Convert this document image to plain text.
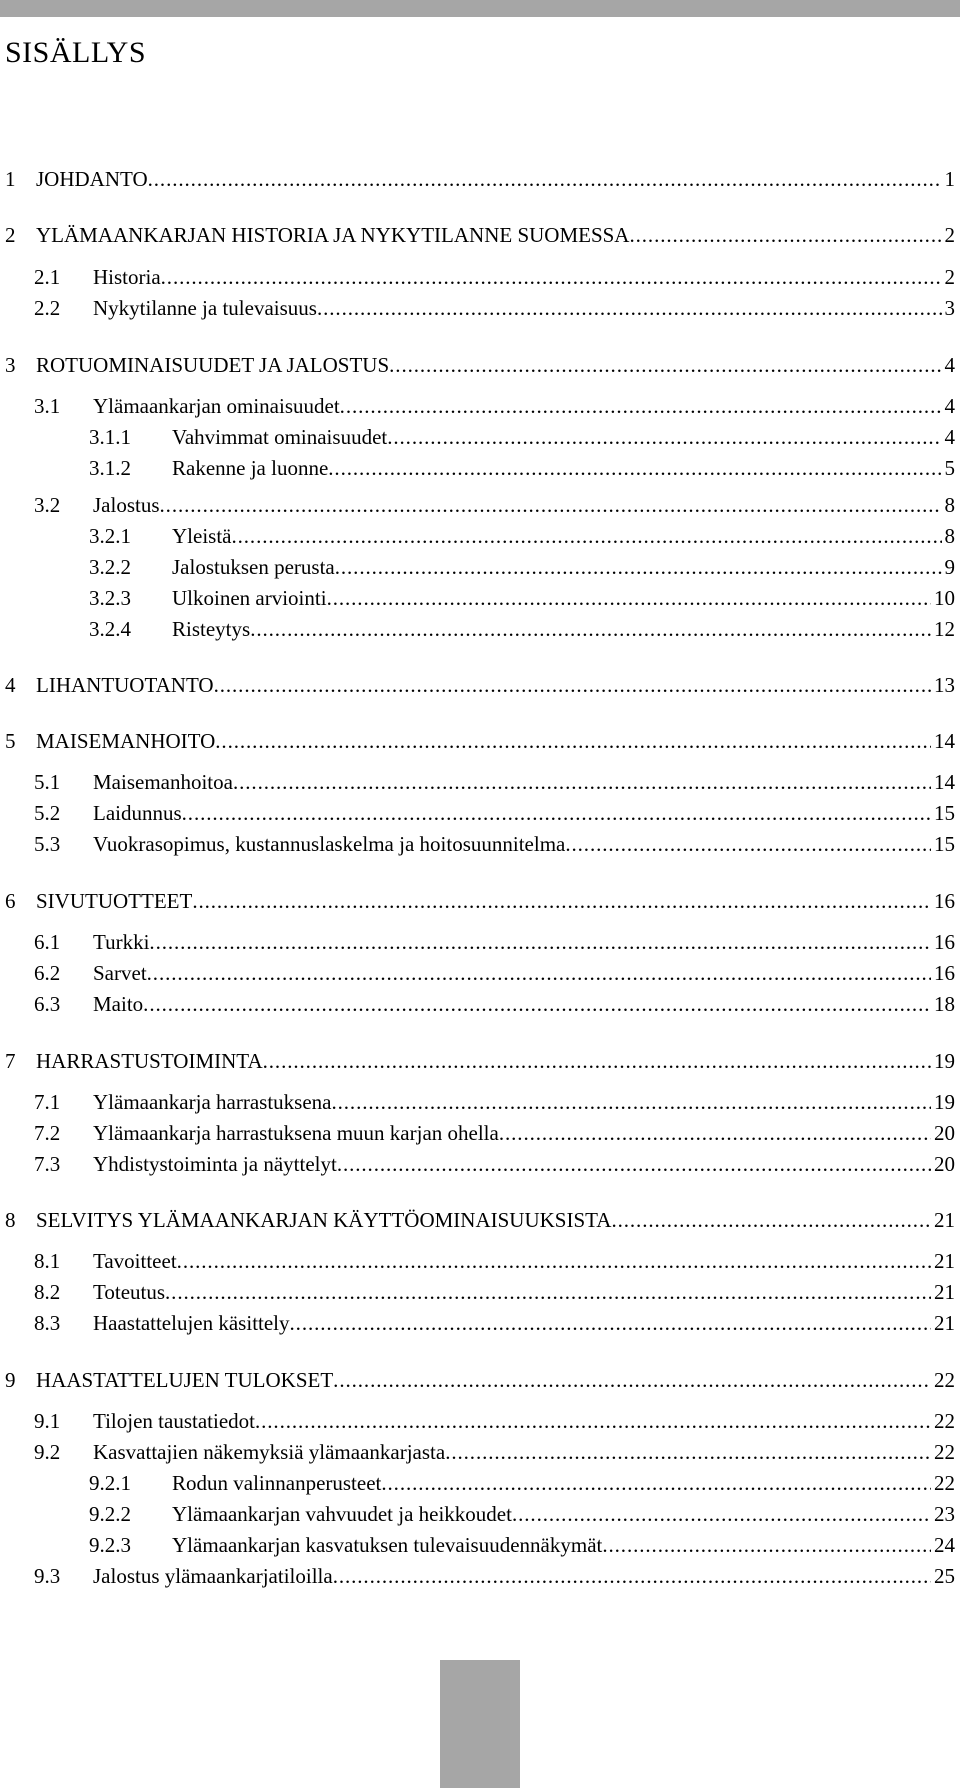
SISÄLLYS
1 JOHDANTO .....	1
2 YLÄMAANKARJAN HISTORIA JA NYKYTILANNE SUOMESSA .....	2
2.1 Historia .....	2
2.2 Nykytilanne ja tulevaisuus .....	3
3 ROTUOMINAISUUDET JA JALOSTUS .....	4
3.1 Ylämaankarjan ominaisuudet .....	4
3.1.1 Vahvimmat ominaisuudet .....	4
3.1.2 Rakenne ja luonne .....	5
3.2 Jalostus .....	8
3.2.1 Yleistä .....	8
3.2.2 Jalostuksen perusta .....	9
3.2.3 Ulkoinen arviointi .....	10
3.2.4 Risteytys .....	12
4 LIHANTUOTANTO .....	13
5 MAISEMANHOITO .....	14
5.1 Maisemanhoitoa .....	14
5.2 Laidunnus .....	15
5.3 Vuokrasopimus, kustannuslaskelma ja hoitosuunnitelma .....	15
6 SIVUTUOTTEET .....	16
6.1 Turkki .....	16
6.2 Sarvet .....	16
6.3 Maito .....	18
7 HARRASTUSTOIMINTA .....	19
7.1 Ylämaankarja harrastuksena .....	19
7.2 Ylämaankarja harrastuksena muun karjan ohella .....	20
7.3 Yhdistystoiminta ja näyttelyt .....	20
8 SELVITYS YLÄMAANKARJAN KÄYTTÖOMINAISUUKSISTA .....	21
8.1 Tavoitteet .....	21
8.2 Toteutus .....	21
8.3 Haastattelujen käsittely .....	21
9 HAASTATTELUJEN TULOKSET .....	22
9.1 Tilojen taustatiedot .....	22
9.2 Kasvattajien näkemyksiä ylämaankarjasta .....	22
9.2.1 Rodun valinnanperusteet .....	22
9.2.2 Ylämaankarjan vahvuudet ja heikkoudet .....	23
9.2.3 Ylämaankarjan kasvatuksen tulevaisuudennäkymät .....	24
9.3 Jalostus ylämaankarjatiloilla .....	25
